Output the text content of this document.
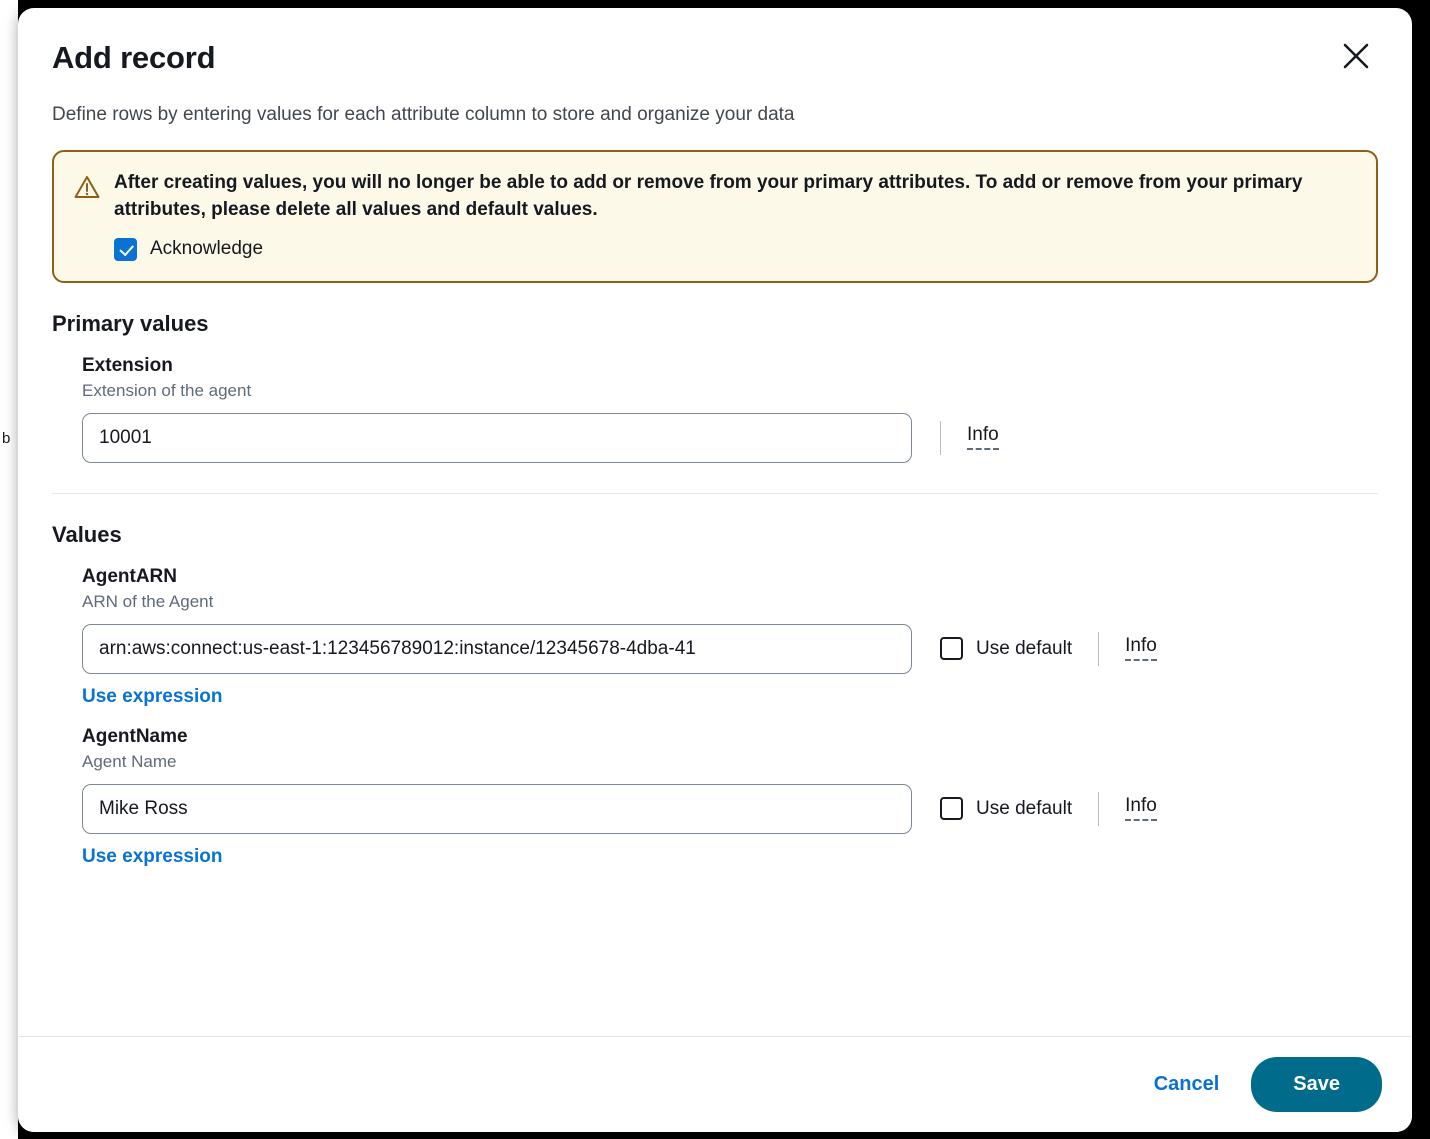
b
Add record
Define rows by entering values for each attribute column to store and organize your data

After creating values, you will no longer be able to add or remove from your primary attributes. To add or remove from your primary attributes, please delete all values and default values.

Acknowledge
Primary values
Extension
Extension of the agent
10001
Info
Values
AgentARN
ARN of the Agent
arn:aws:connect:us-east-1:123456789012:instance/12345678-4dba-41
Use default	Info
Use expression
AgentName
Agent Name
Mike Ross
Use default	Info
Use expression
Cancel	Save
